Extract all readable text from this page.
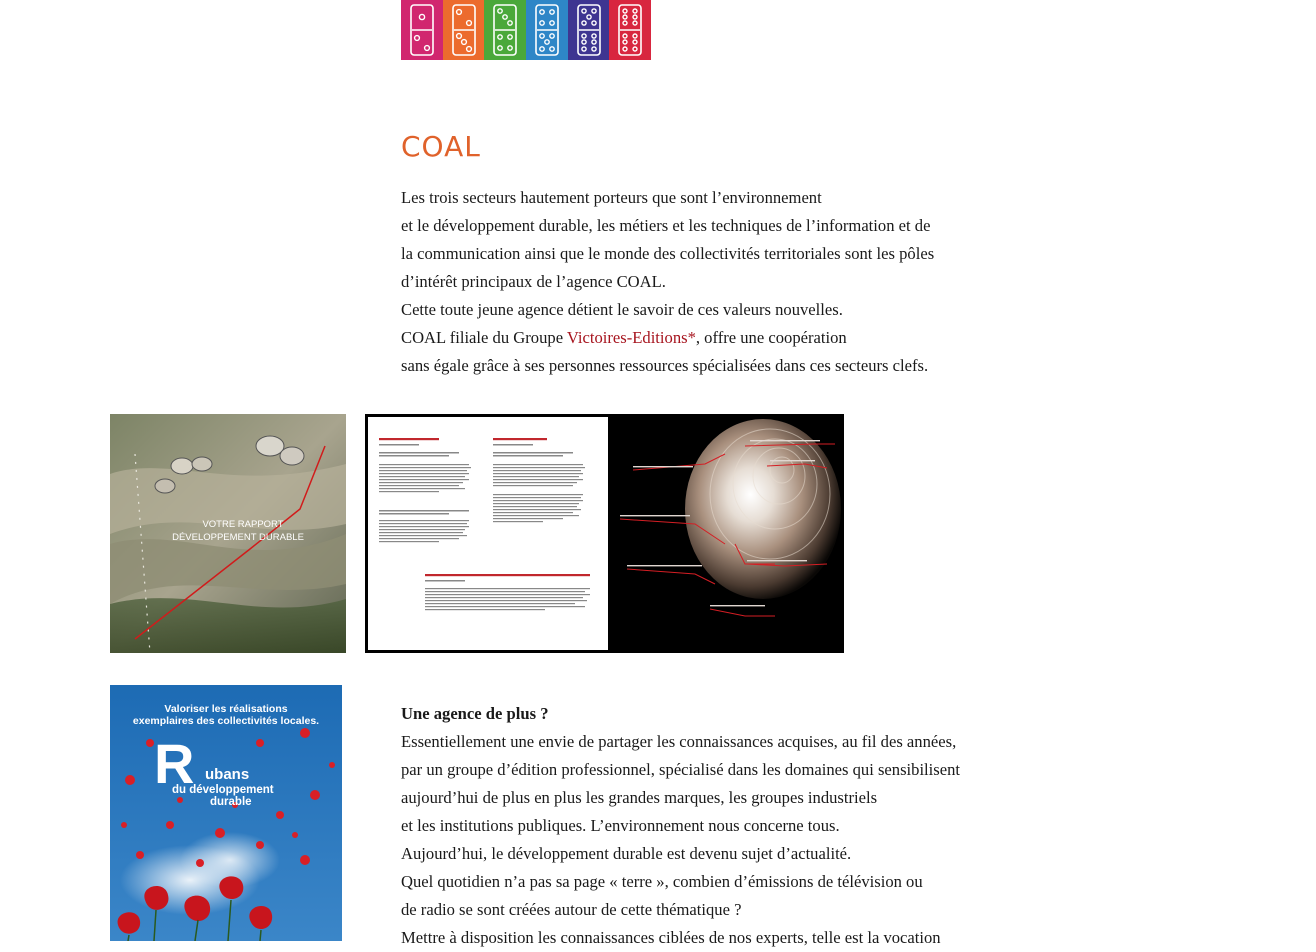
COAL
Les trois secteurs hautement porteurs que sont l’environnement
et le développement durable, les métiers et les techniques de l’information et de
la communication ainsi que le monde des collectivités territoriales sont les pôles
d’intérêt principaux de l’agence COAL.
Cette toute jeune agence détient le savoir de ces valeurs nouvelles.
COAL filiale du Groupe Victoires-Editions*, offre une coopération
sans égale grâce à ses personnes ressources spécialisées dans ces secteurs clefs.
VOTRE RAPPORT
DÉVELOPPEMENT DURABLE
Valoriser les réalisations
exemplaires des collectivités locales.
R ubans
du développement
durable
Une agence de plus ?
Essentiellement une envie de partager les connaissances acquises, au fil des années,
par un groupe d’édition professionnel, spécialisé dans les domaines qui sensibilisent
aujourd’hui de plus en plus les grandes marques, les groupes industriels
et les institutions publiques. L’environnement nous concerne tous.
Aujourd’hui, le développement durable est devenu sujet d’actualité.
Quel quotidien n’a pas sa page « terre », combien d’émissions de télévision ou
de radio se sont créées autour de cette thématique ?
Mettre à disposition les connaissances ciblées de nos experts, telle est la vocation
